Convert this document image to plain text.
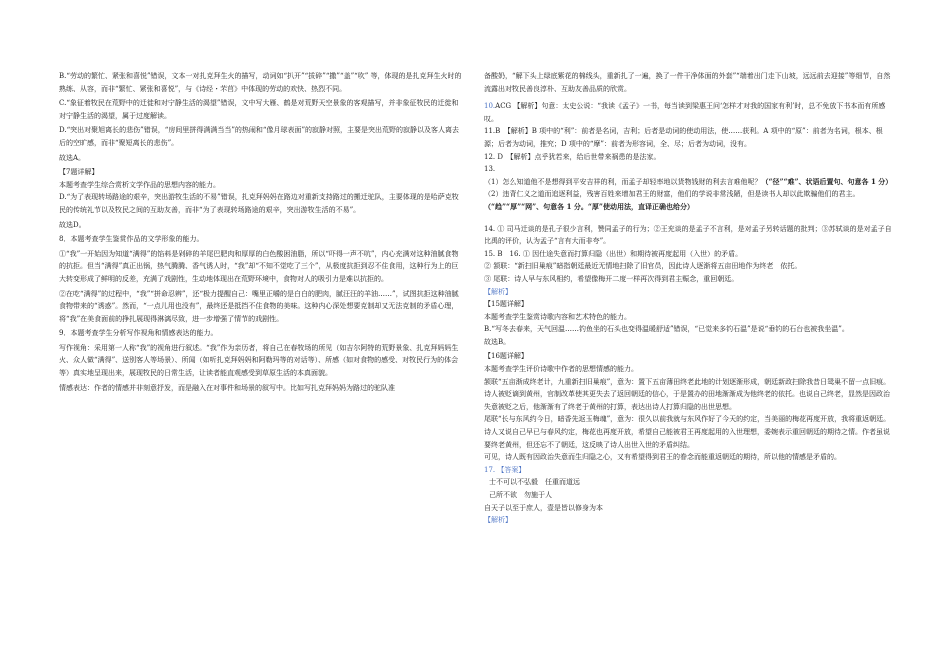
B.“劳动的繁忙、紧张和喜悦”错误，文本一对扎克拜生火的描写，动词如“扒开”“拔碎”“撒”“盖”“吹” 等，体现的是扎克拜生火时的熟练、从容，而非“繁忙、紧张和喜悦”，与《诗经・芣苢》中体现的劳动的欢快、热烈不同。

C.“象征着牧民在荒野中的迁徙和对宁静生活的渴望”错误，文中写大雁、鹤是对荒野天空景象的客观描写，并非象征牧民的迁徙和对宁静生活的渴望，属于过度解读。

D.“突出对聚旭离长的悲伤”错误，“房间里拼得满满当当”的热闹和“像月球表面”的寂静对照，主要是突出荒野的寂静以及客人离去后的空旷感，而非“聚短离长的悲伤”。

故选A。

【7题详解】

本题考查学生综合赏析文学作品的思想内容的能力。

D.“为了表现转场路途的艰辛，突出游牧生活的不易”错误，扎克拜妈妈在路边对重新支持路过的搬迁驼队，主要体现的是哈萨克牧民的传统礼节以及牧民之间的互助友善，而非“为了表现转场路途的艰辛，突出游牧生活的不易”。

故选D。

8．本题考查学生鉴赏作品的文学形象的能力。

①“我”一开始因为知道“满得”的馅料是剁碎的羊尾巴肥肉和厚厚的白色酸困油脂，所以“吓得一声不吭”，内心充满对这种油腻食物的抗拒。但当“满得”真正出锅，热气腾腾、香气诱人时，“我”却“不知不觉吃了三个”，从极度抗拒到忍不住食用，这种行为上的巨大转变形成了鲜明的反差，充满了戏剧性，生动地体现出在荒野环境中，食物对人的吸引力是难以抗拒的。

②在吃“满得”的过程中，“我”“拼命忍辨”，还“极力提醒自己：嘴里正嚼的是白白的肥肉，腻汪汪的羊油……”，试图抗拒这种油腻食物带来的“诱惑”。然而，“一点儿用也没有”，最终还是抵挡不住食物的美味。这种内心深处想要克制却又无法克制的矛盾心理，将“我”在美食面前的挣扎展现得淋漓尽致，进一步增强了情节的戏剧性。

9．本题考查学生分析写作视角和情感表达的能力。

写作视角：采用第一人称“我”的视角进行叙述。“我”作为亲历者，将自己在春牧场的所见（如吉尔阿特的荒野景象、扎克拜妈妈生火、众人做“满得”、送别客人等场景）、所闻（如听扎克拜妈妈和阿勒玛等的对话等）、所感（如对食物的感受、对牧民行为的体会等）真实地呈现出来，展现牧民的日常生活，让读者能直观感受到草原生活的本真面貌。

情感表达：作者的情感并非刻意抒发，而是融入在对事件和场景的叙写中。比如写扎克拜妈妈为路过的驼队准

备酸奶，“解下头上绿底紫花的棉线头，重新扎了一遍，换了一件干净体面的外套”“端着出门走下山坡，远远前去迎接”等细节，自然流露出对牧民善良淳朴、互助友善品质的欣赏。

10.ACG 【解析】句意：太史公说：“我读《孟子》一书，每当读到梁惠王问‘怎样才对我的国家有利’时，总不免放下书本而有所感叹。

11.B　【解析】B 项中的“利”：前者是名词，吉利；后者是动词的使动用法，使……获利。A 项中的“原”：前者为名词，根本、根源；后者为动词，推究；D 项中的“摩”：前者为形容词，全、尽；后者为动词，没有。

12. D　【解析】点乎犹若来，给后世带来祸患的是法家。

13.

（1）怎么知道他不是想得到平安吉祥的利，而孟子却轻率地以货物钱财的利去言难他呢？（“径”“难”、状语后置句、句意各 1 分）

（2）违背仁义之道而追逐利益，残害百姓来增加君王的财富，他们的学说非常浅陋，但是读书人却以此欺骗他们的君主。（“趋”“厚”“网”、句意各 1 分。“厚”使动用法，直译正确也给分）

14. ① 司马迁谈的是孔子很少言利，赞同孟子的行为；②王充谈的是孟子不言利，是对孟子另转话题的批判；③苏轼谈的是对孟子自比禹的评价，认为孟子“言有大而非夸”。

15. B　16. ① 因仕途失意而打算归隐（出世）和期待被再度起用（入世）的矛盾。

② 颔联：“新扫旧巢痕”暗指朝廷最近无情地扫除了旧官员，因此诗人逐渐将五亩田地作为终老　依托。

③ 尾联：诗人早与东风相约，希望像梅开二度一样再次得到君主赈念，重回朝廷。

【解析】

【15题详解】

本题考查学生鉴赏诗歌内容和艺术特色的能力。

B.“写冬去春来，天气回温……钓鱼坐的石头也变得温暖舒适”错误，“已觉来多钓石温”是说“垂钓的石台也被我坐温”。

故选B。

【16题详解】

本题考查学生评价诗歌中作者的思想情感的能力。

颔联“五亩渐成终老计，九重新扫旧巢痕”，意为：置下五亩薄田终老此地的计划逐渐形成，朝廷新政扫除我昔日鸳巢不留一点旧痕。诗人被贬谪到黄州，官制改革使其更失去了返回朝廷的信心，于是置办的田地渐渐成为他终老的依托。也说自己终老，显然是因政治失意被贬之后，他渐渐有了终老于黄州的打算，表达出诗人打算归隐的出世思想。

尾联“长与东风约今日，暗香先返玉梅魂”，意为：很久以前我就与东风作好了今天的约定，当美丽的梅花再度开放，我将重返朝廷。诗人又说自己早已与春风约定，梅花也再度开放，希望自己能被君王再度起用的入世理想，委婉表示重回朝廷的期待之情。作者虽说要终老黄州，但还忘不了朝廷，这反映了诗人出世入世的矛盾纠结。

可见，诗人既有因政治失意而生归隐之心，又有希望得到君王的眷念而能重返朝廷的期待，所以他的情感是矛盾的。

17. 【答案】

士不可以不弘毅　任重而道远

己所不欲　勿施于人

自天子以至于庶人，壹是皆以修身为本

【解析】
